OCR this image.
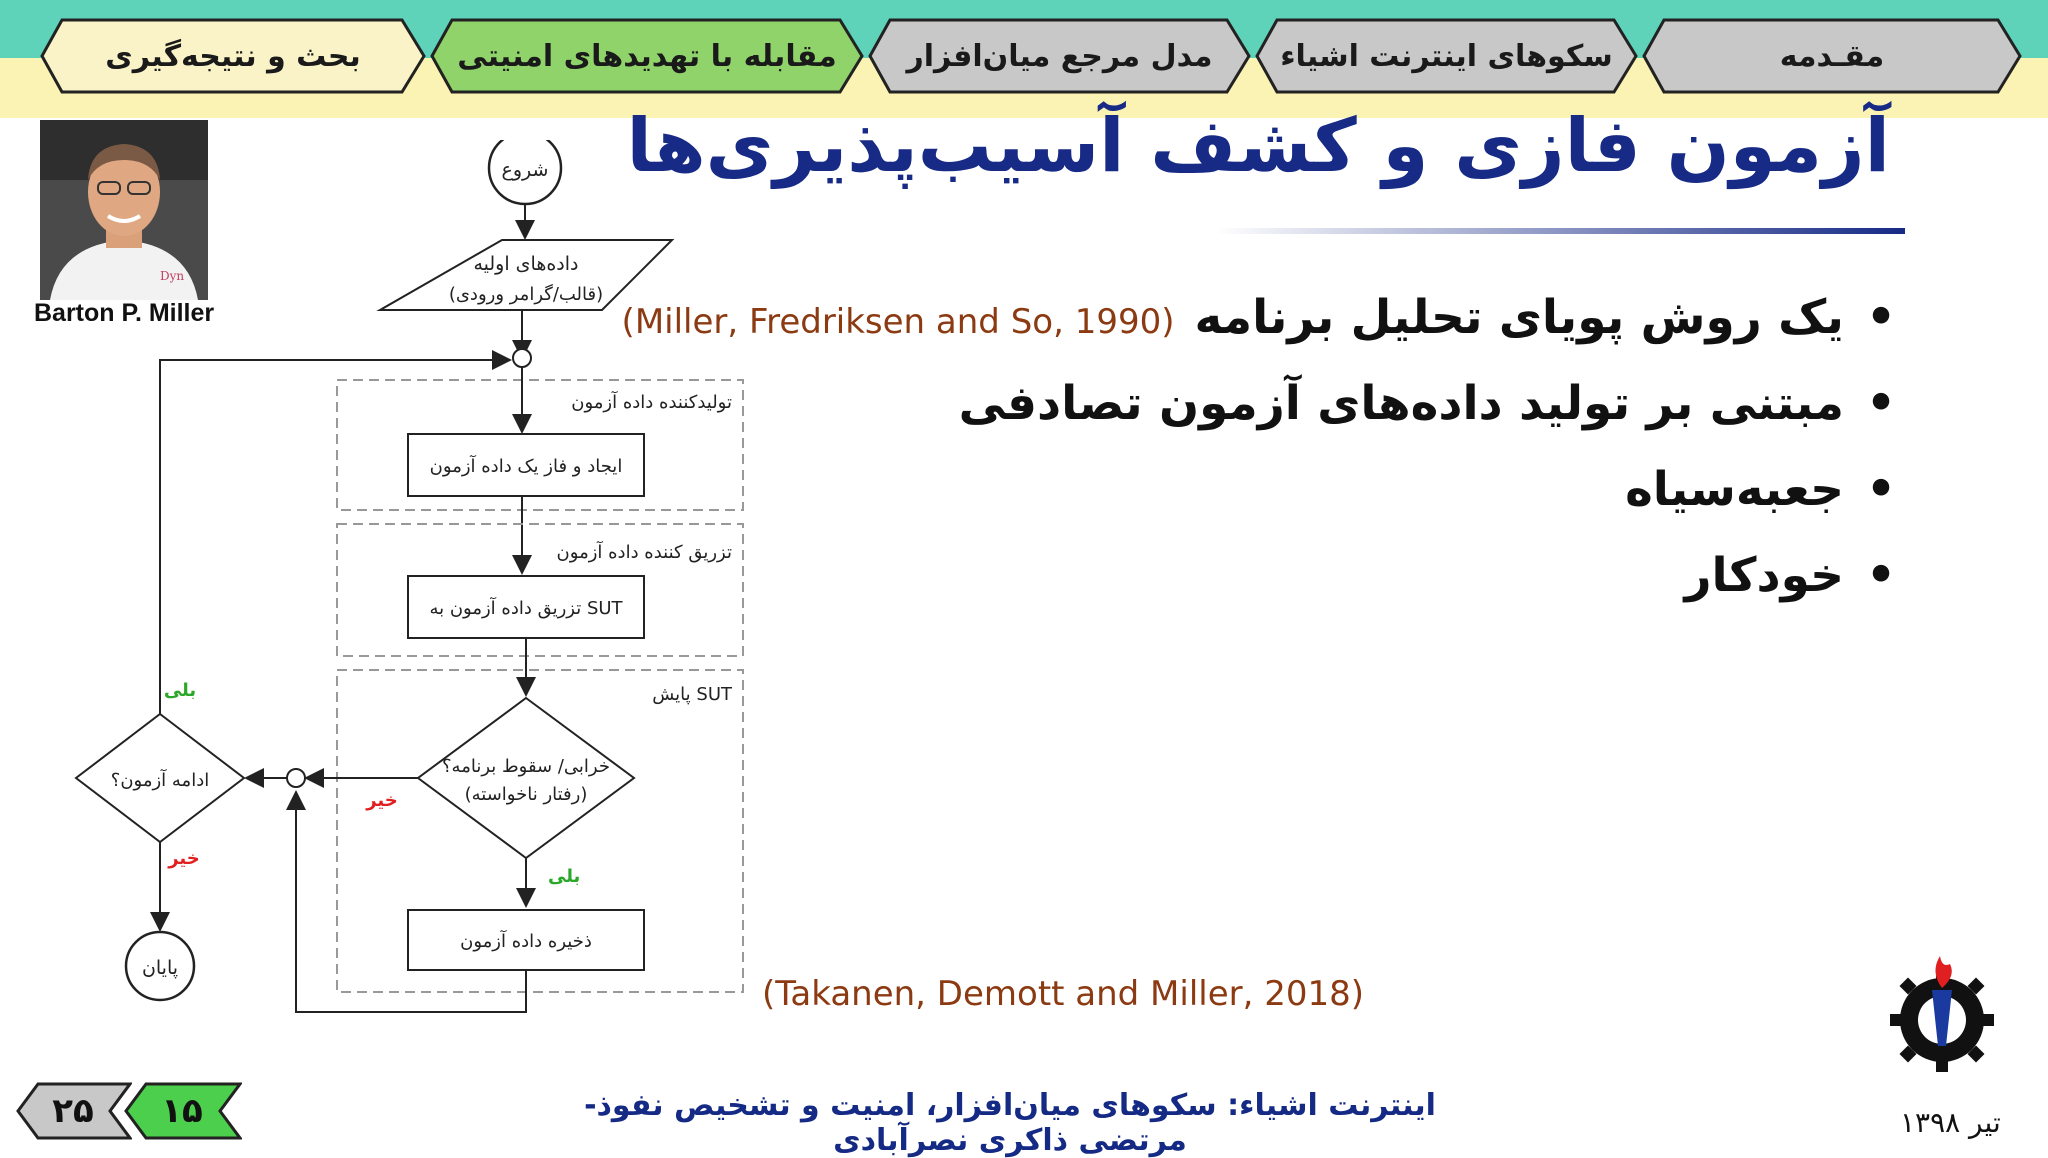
مقـدمه
سکوهای اینترنت اشیاء
مدل مرجع میان‌افزار
مقابله با تهدیدهای امنیتی
بحث و نتیجه‌گیری
آزمون فازی و کشف آسیب‌پذیری‌ها
•یک روش پویای تحلیل برنامه(Miller, Fredriksen and So, 1990)
•مبتنی بر تولید داده‌های آزمون تصادفی
•جعبه‌سیاه
•خودکار
Dyn
Barton P. Miller
شروع
داده‌های اولیه
(قالب/گرامر ورودی)
تولیدکننده داده آزمون
ایجاد و فاز یک داده آزمون
تزریق کننده داده آزمون
تزریق داده آزمون به SUT
پایش SUT
خرابی/ سقوط برنامه؟
(رفتار ناخواسته)
بلی
ذخیره داده آزمون
خیر
ادامه آزمون؟
بلی
خیر
پایان
(Takanen, Demott and Miller, 2018)
۲۵	۱۵	اینترنت اشیاء: سکوهای میان‌افزار، امنیت و تشخیص نفوذ- مرتضی ذاکری نصرآبادی
تیر ۱۳۹۸
